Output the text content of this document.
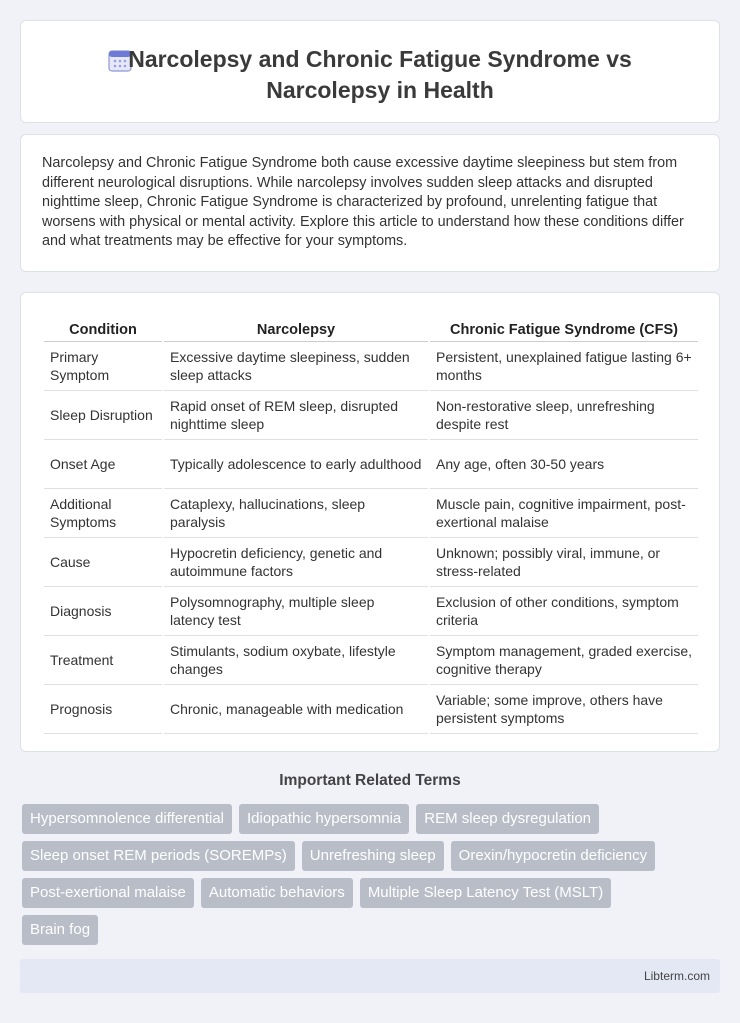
Narcolepsy and Chronic Fatigue Syndrome vs Narcolepsy in Health

Narcolepsy and Chronic Fatigue Syndrome both cause excessive daytime sleepiness but stem from different neurological disruptions. While narcolepsy involves sudden sleep attacks and disrupted nighttime sleep, Chronic Fatigue Syndrome is characterized by profound, unrelenting fatigue that worsens with physical or mental activity. Explore this article to understand how these conditions differ and what treatments may be effective for your symptoms.

Condition	Narcolepsy	Chronic Fatigue Syndrome (CFS)
Primary Symptom	Excessive daytime sleepiness, sudden sleep attacks	Persistent, unexplained fatigue lasting 6+ months
Sleep Disruption	Rapid onset of REM sleep, disrupted nighttime sleep	Non-restorative sleep, unrefreshing despite rest
Onset Age	Typically adolescence to early adulthood	Any age, often 30-50 years
Additional Symptoms	Cataplexy, hallucinations, sleep paralysis	Muscle pain, cognitive impairment, post-exertional malaise
Cause	Hypocretin deficiency, genetic and autoimmune factors	Unknown; possibly viral, immune, or stress-related
Diagnosis	Polysomnography, multiple sleep latency test	Exclusion of other conditions, symptom criteria
Treatment	Stimulants, sodium oxybate, lifestyle changes	Symptom management, graded exercise, cognitive therapy
Prognosis	Chronic, manageable with medication	Variable; some improve, others have persistent symptoms
Important Related Terms
Hypersomnolence differential	Idiopathic hypersomnia	REM sleep dysregulation
Sleep onset REM periods (SOREMPs)	Unrefreshing sleep	Orexin/hypocretin deficiency
Post-exertional malaise	Automatic behaviors	Multiple Sleep Latency Test (MSLT)
Brain fog
Libterm.com
